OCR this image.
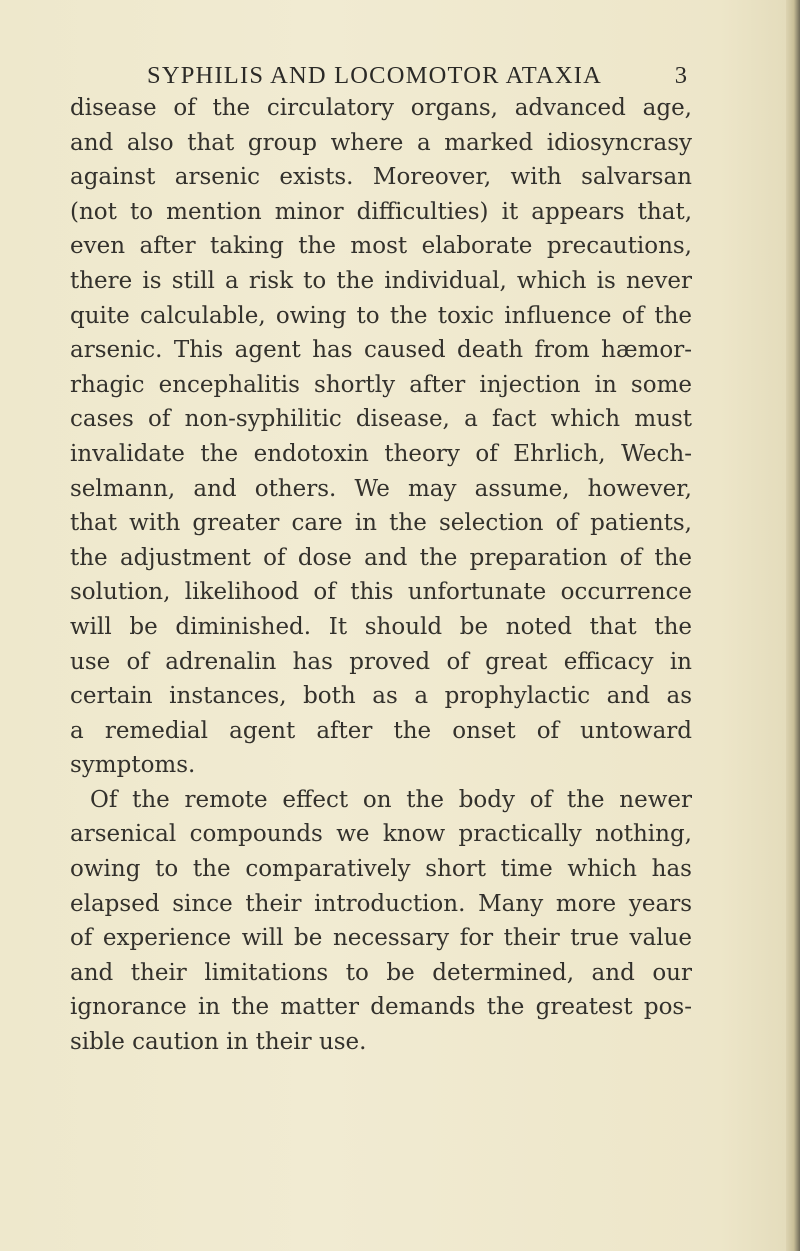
SYPHILIS AND LOCOMOTOR ATAXIA	3
disease of the circulatory organs, advanced age,
and also that group where a marked idiosyncrasy
against arsenic exists. Moreover, with salvarsan
(not to mention minor difficulties) it appears that,
even after taking the most elaborate precautions,
there is still a risk to the individual, which is never
quite calculable, owing to the toxic influence of the
arsenic. This agent has caused death from hæmor-
rhagic encephalitis shortly after injection in some
cases of non-syphilitic disease, a fact which must
invalidate the endotoxin theory of Ehrlich, Wech-
selmann, and others. We may assume, however,
that with greater care in the selection of patients,
the adjustment of dose and the preparation of the
solution, likelihood of this unfortunate occurrence
will be diminished. It should be noted that the
use of adrenalin has proved of great efficacy in
certain instances, both as a prophylactic and as
a remedial agent after the onset of untoward
symptoms.
Of the remote effect on the body of the newer
arsenical compounds we know practically nothing,
owing to the comparatively short time which has
elapsed since their introduction. Many more years
of experience will be necessary for their true value
and their limitations to be determined, and our
ignorance in the matter demands the greatest pos-
sible caution in their use.
